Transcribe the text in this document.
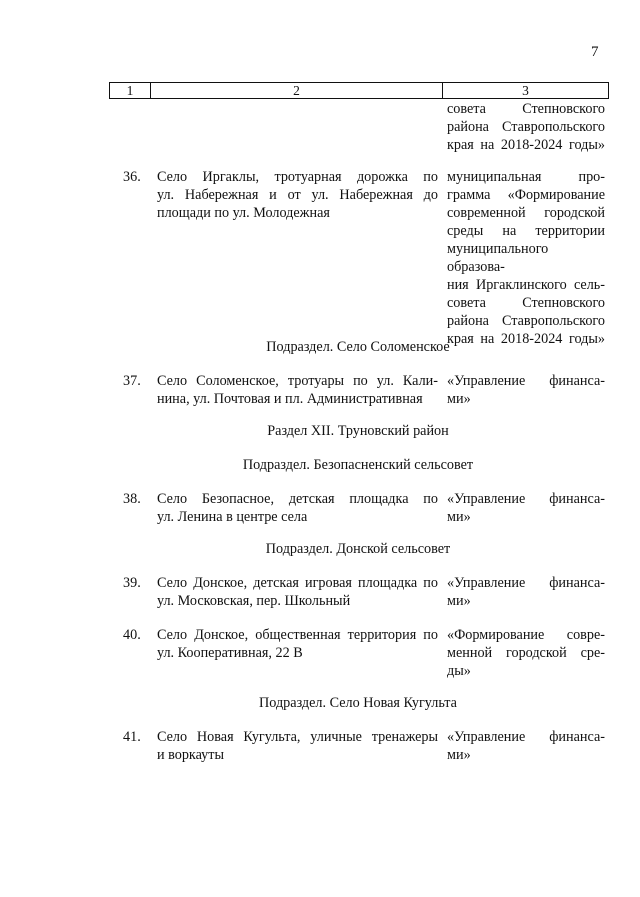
7
1	2	3
совета Степновского
района Ставропольского
края на 2018-2024 годы»
36. Село Иргаклы, тротуарная дорожка по
ул. Набережная и от ул. Набережная до
площади по ул. Молодежная
муниципальная про-
грамма «Формирование
современной городской
среды на территории
муниципального образова-
ния Иргаклинского сель-
совета Степновского
района Ставропольского
края на 2018-2024 годы»
Подраздел. Село Соломенское
37. Село Соломенское, тротуары по ул. Кали-
нина, ул. Почтовая и пл. Административная
«Управление финанса-
ми»
Раздел XII. Труновский район
Подраздел. Безопасненский сельсовет
38. Село Безопасное, детская площадка по
ул. Ленина в центре села
«Управление финанса-
ми»
Подраздел. Донской сельсовет
39. Село Донское, детская игровая площадка по
ул. Московская, пер. Школьный
«Управление финанса-
ми»
40. Село Донское, общественная территория по
ул. Кооперативная, 22 В
«Формирование совре-
менной городской сре-
ды»
Подраздел. Село Новая Кугульта
41. Село Новая Кугульта, уличные тренажеры
и воркауты
«Управление финанса-
ми»
